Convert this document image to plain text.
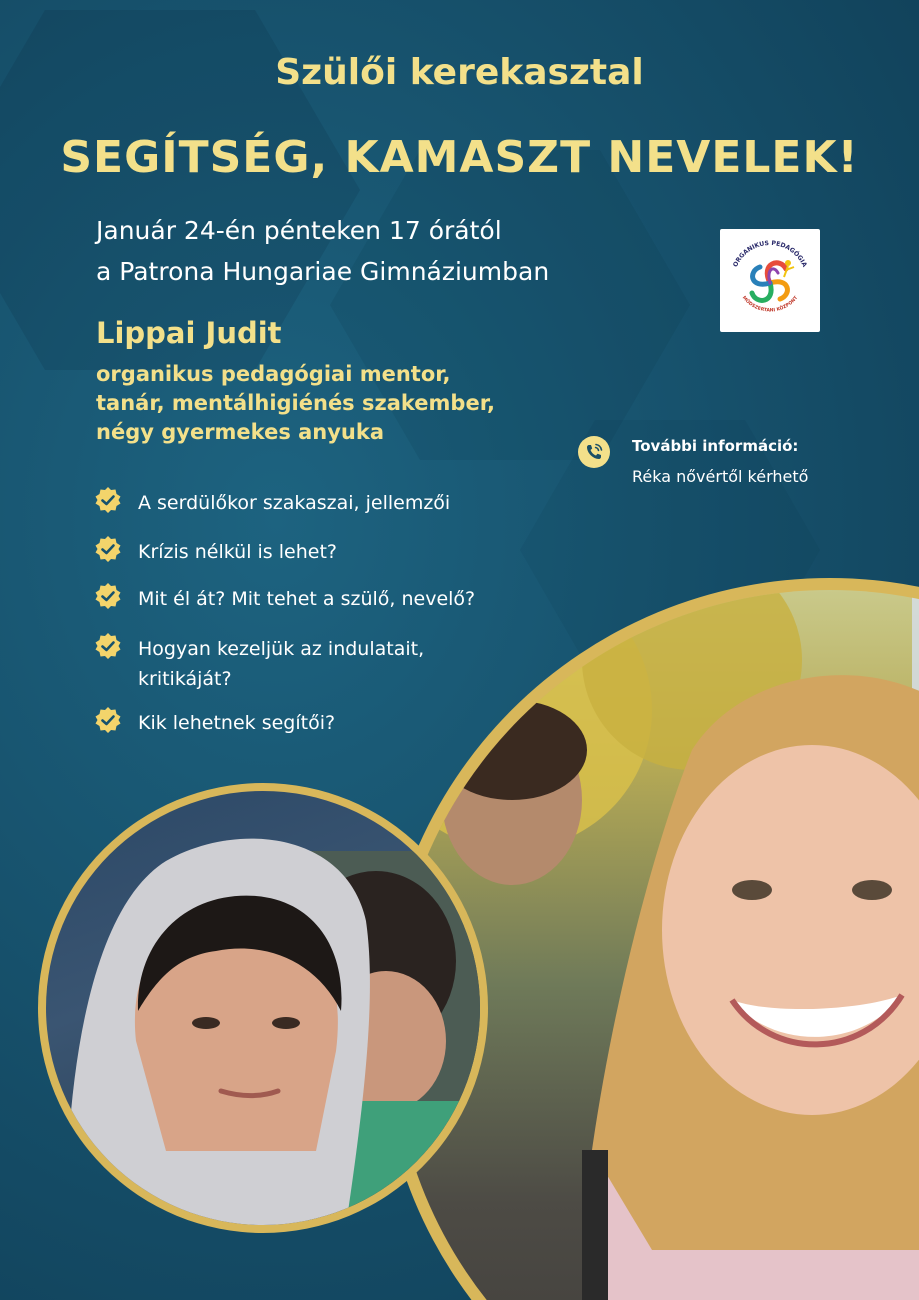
Szülői kerekasztal
SEGÍTSÉG, KAMASZT NEVELEK!
Január 24-én pénteken 17 órától
a Patrona Hungariae Gimnáziumban	ORGANIKUS PEDAGÓGIA
MÓDSZERTANI KÖZPONT
Lippai Judit
organikus pedagógiai mentor,
tanár, mentálhigiénés szakember,
négy gyermekes anyuka
További információ:
Réka nővértől kérhető
A serdülőkor szakaszai, jellemzői
Krízis nélkül is lehet?
Mit él át? Mit tehet a szülő, nevelő?
Hogyan kezeljük az indulatait,
kritikáját?
Kik lehetnek segítői?
